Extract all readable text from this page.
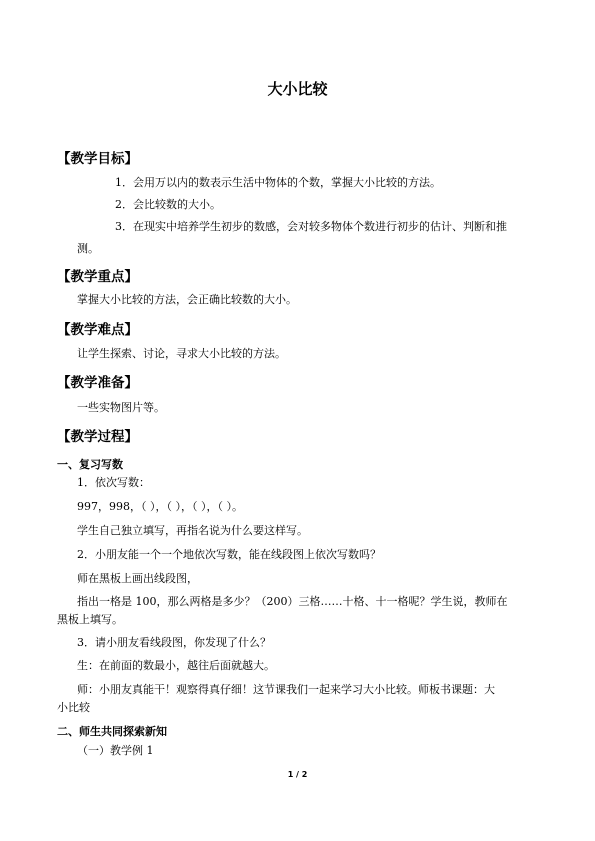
大小比较
【教学目标】
1．会用万以内的数表示生活中物体的个数，掌握大小比较的方法。
2．会比较数的大小。
3．在现实中培养学生初步的数感，会对较多物体个数进行初步的估计、判断和推
测。
【教学重点】
掌握大小比较的方法，会正确比较数的大小。
【教学难点】
让学生探索、讨论，寻求大小比较的方法。
【教学准备】
一些实物图片等。
【教学过程】
一、复习写数
1．依次写数：
997，998，（ ），（ ），（ ），（ ）。
学生自己独立填写，再指名说为什么要这样写。
2．小朋友能一个一个地依次写数，能在线段图上依次写数吗？
师在黑板上画出线段图，
指出一格是 100，那么两格是多少？（200）三格……十格、十一格呢？学生说，教师在
黑板上填写。
3．请小朋友看线段图，你发现了什么？
生：在前面的数最小，越往后面就越大。
师：小朋友真能干！观察得真仔细！这节课我们一起来学习大小比较。师板书课题：大
小比较
二、师生共同探索新知
（一）教学例 1
1 / 2
